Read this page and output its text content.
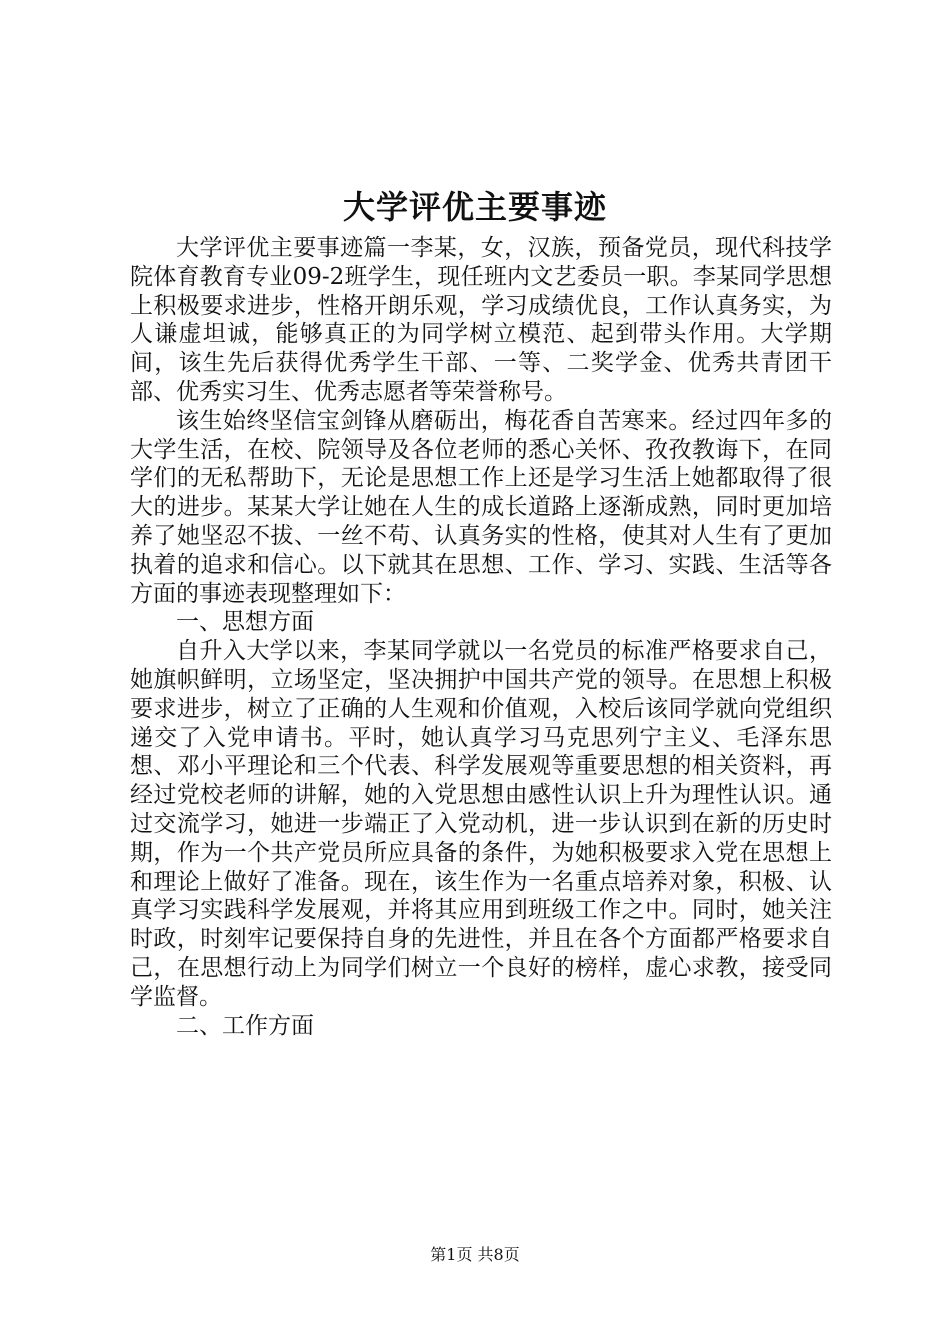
大学评优主要事迹

大学评优主要事迹篇一李某，女，汉族，预备党员，现代科技学院体育教育专业09-2班学生，现任班内文艺委员一职。李某同学思想上积极要求进步，性格开朗乐观，学习成绩优良，工作认真务实，为人谦虚坦诚，能够真正的为同学树立模范、起到带头作用。大学期间，该生先后获得优秀学生干部、一等、二奖学金、优秀共青团干部、优秀实习生、优秀志愿者等荣誉称号。

该生始终坚信宝剑锋从磨砺出，梅花香自苦寒来。经过四年多的大学生活，在校、院领导及各位老师的悉心关怀、孜孜教诲下，在同学们的无私帮助下，无论是思想工作上还是学习生活上她都取得了很大的进步。某某大学让她在人生的成长道路上逐渐成熟，同时更加培养了她坚忍不拔、一丝不苟、认真务实的性格，使其对人生有了更加执着的追求和信心。以下就其在思想、工作、学习、实践、生活等各方面的事迹表现整理如下：

一、思想方面

自升入大学以来，李某同学就以一名党员的标准严格要求自己，她旗帜鲜明，立场坚定，坚决拥护中国共产党的领导。在思想上积极要求进步，树立了正确的人生观和价值观，入校后该同学就向党组织递交了入党申请书。平时，她认真学习马克思列宁主义、毛泽东思想、邓小平理论和三个代表、科学发展观等重要思想的相关资料，再经过党校老师的讲解，她的入党思想由感性认识上升为理性认识。通过交流学习，她进一步端正了入党动机，进一步认识到在新的历史时期，作为一个共产党员所应具备的条件，为她积极要求入党在思想上和理论上做好了准备。现在，该生作为一名重点培养对象，积极、认真学习实践科学发展观，并将其应用到班级工作之中。同时，她关注时政，时刻牢记要保持自身的先进性，并且在各个方面都严格要求自己，在思想行动上为同学们树立一个良好的榜样，虚心求教，接受同学监督。

二、工作方面

第1页 共8页
